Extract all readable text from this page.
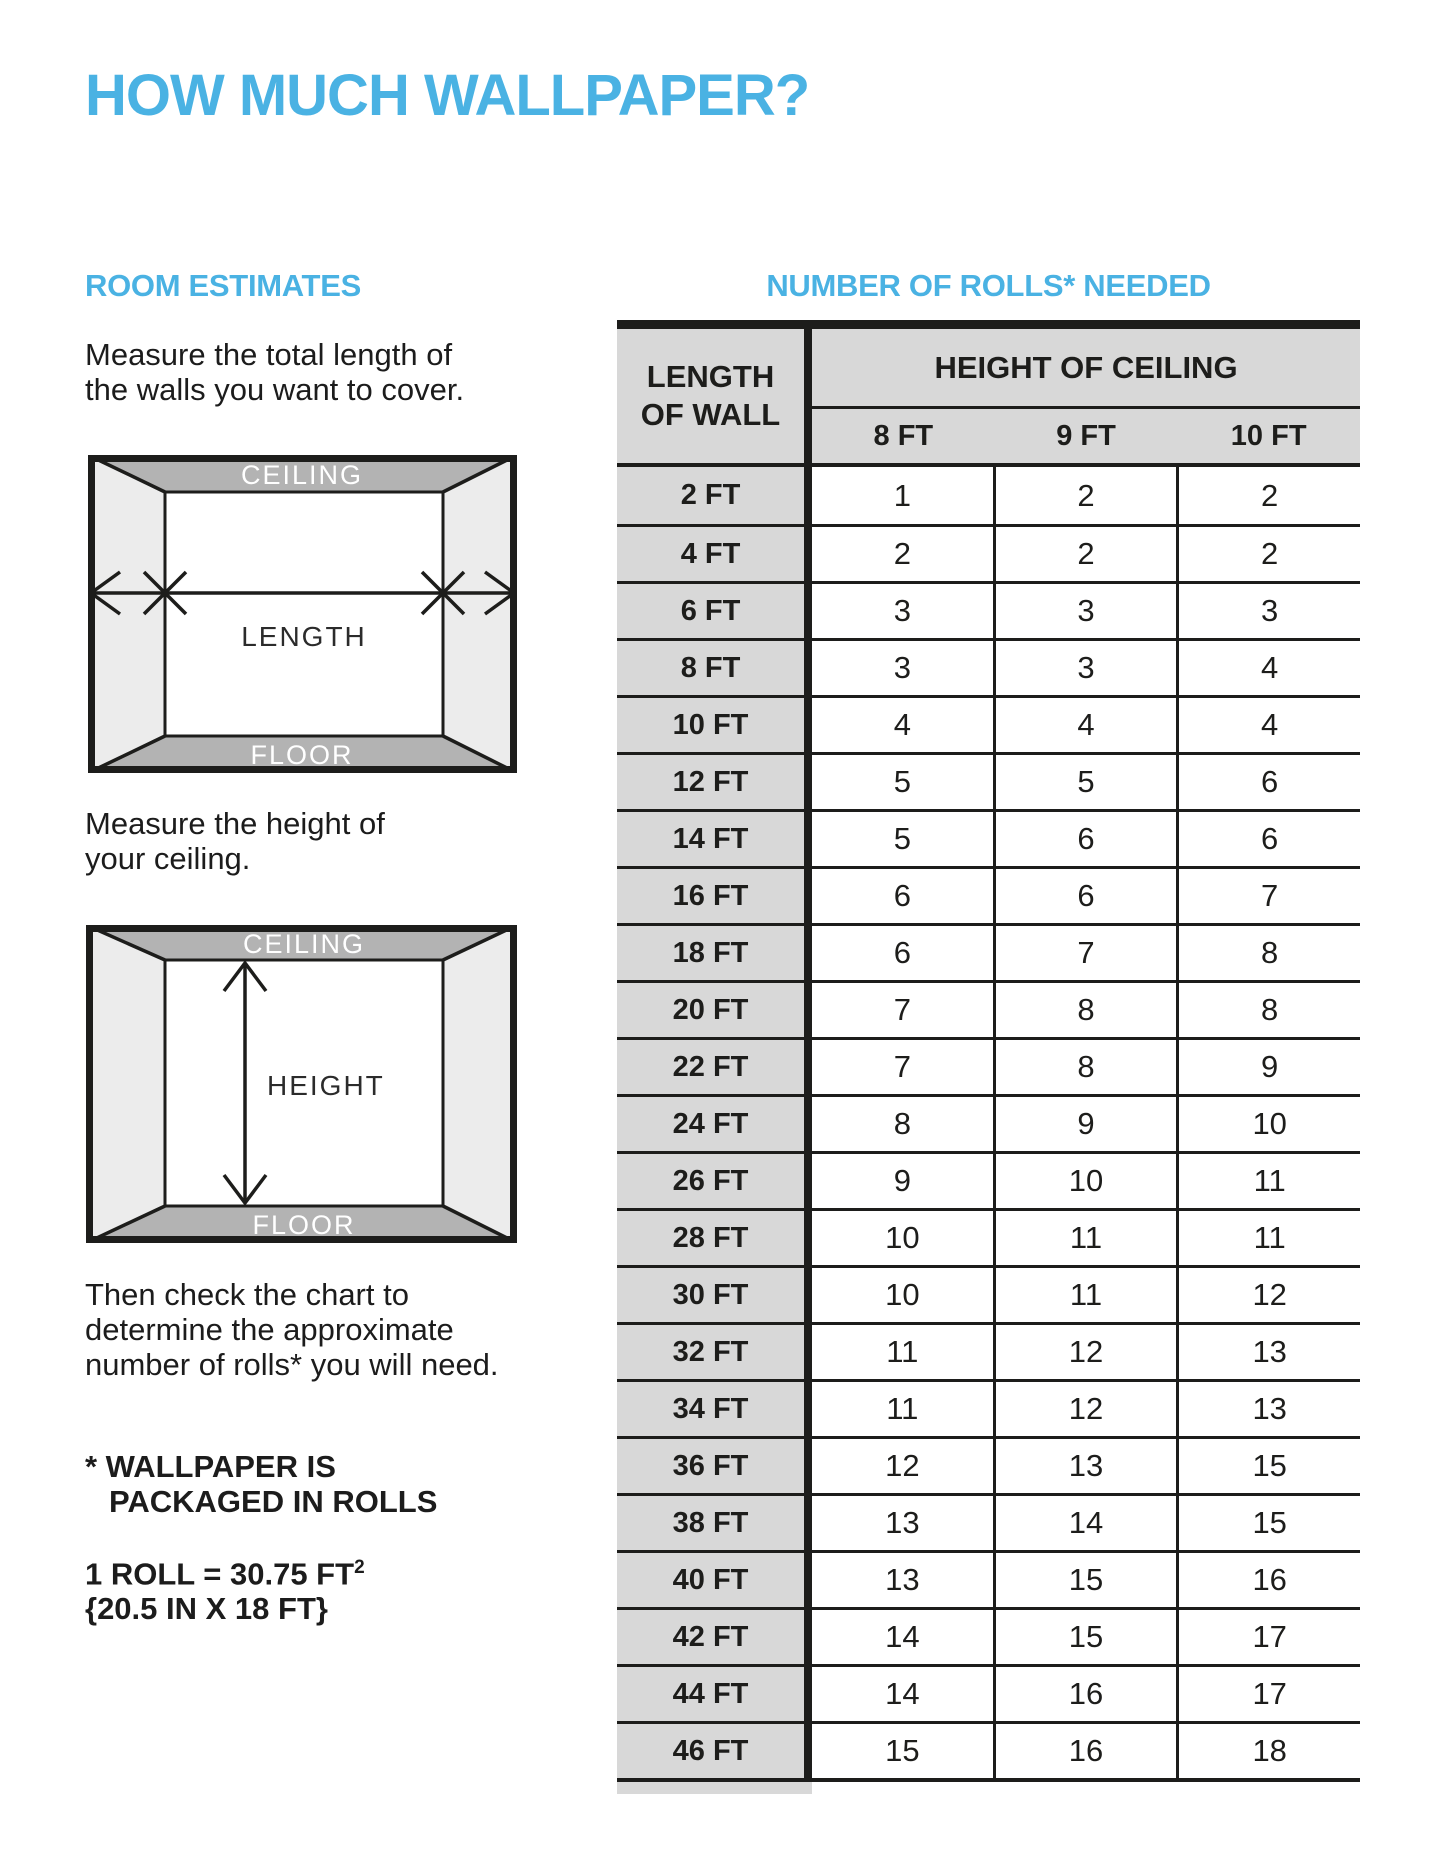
HOW MUCH WALLPAPER?
ROOM ESTIMATES
Measure the total length of
the walls you want to cover.
CEILING
FLOOR
LENGTH
Measure the height of
your ceiling.
CEILING
FLOOR
HEIGHT
Then check the chart to
determine the approximate
number of rolls* you will need.
* WALLPAPER IS
PACKAGED IN ROLLS
1 ROLL = 30.75 $FT^2$
{20.5 IN X 18 FT}
NUMBER OF ROLLS* NEEDED
LENGTH
OF WALL
HEIGHT OF CEILING
8 FT	9 FT	10 FT
2 FT	1	2	2
4 FT	2	2	2
6 FT	3	3	3
8 FT	3	3	4
10 FT	4	4	4
12 FT	5	5	6
14 FT	5	6	6
16 FT	6	6	7
18 FT	6	7	8
20 FT	7	8	8
22 FT	7	8	9
24 FT	8	9	10
26 FT	9	10	11
28 FT	10	11	11
30 FT	10	11	12
32 FT	11	12	13
34 FT	11	12	13
36 FT	12	13	15
38 FT	13	14	15
40 FT	13	15	16
42 FT	14	15	17
44 FT	14	16	17
46 FT	15	16	18
